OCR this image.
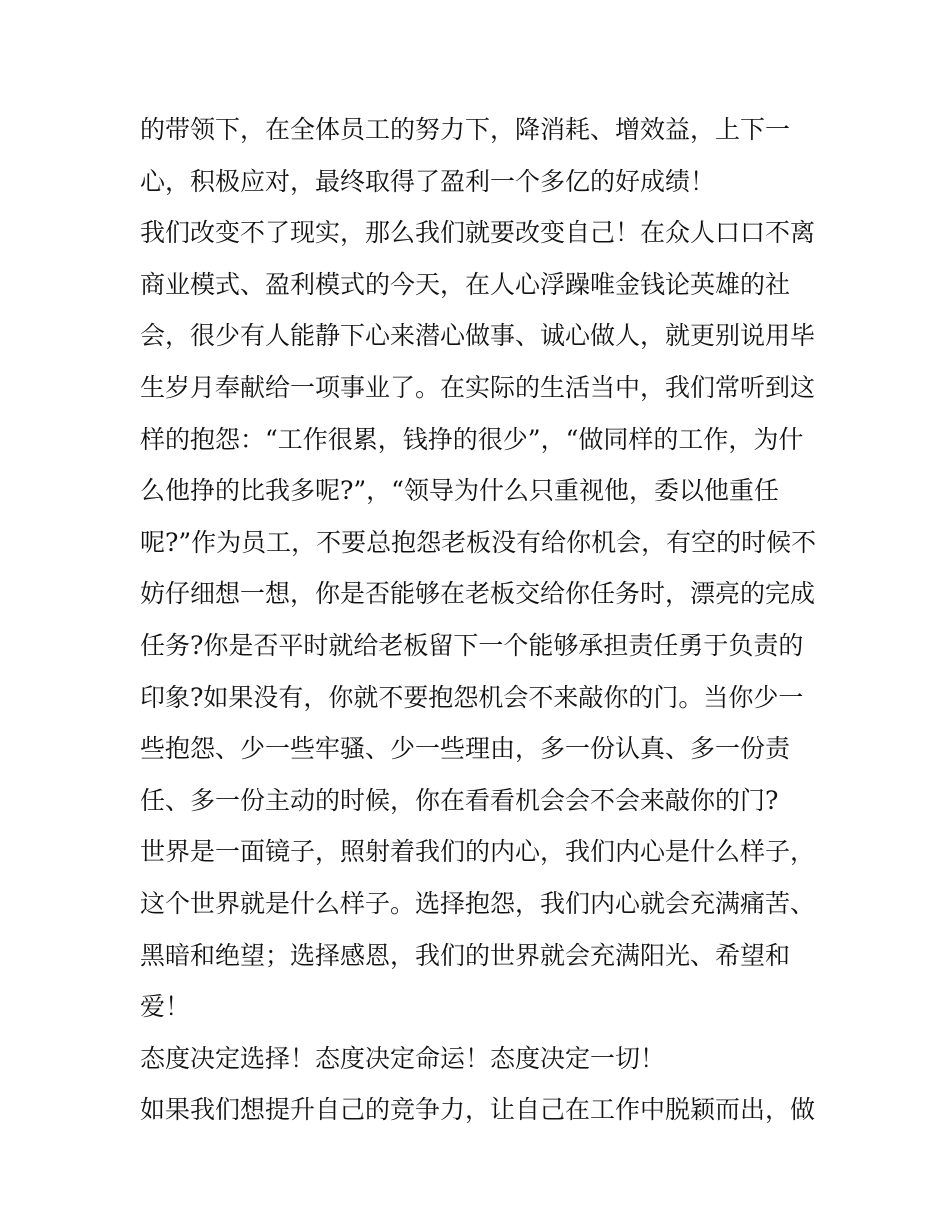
的带领下，在全体员工的努力下，降消耗、增效益，上下一
心，积极应对，最终取得了盈利一个多亿的好成绩！
我们改变不了现实，那么我们就要改变自己！在众人口口不离
商业模式、盈利模式的今天，在人心浮躁唯金钱论英雄的社
会，很少有人能静下心来潜心做事、诚心做人，就更别说用毕
生岁月奉献给一项事业了。在实际的生活当中，我们常听到这
样的抱怨：“工作很累，钱挣的很少”，“做同样的工作，为什
么他挣的比我多呢?”，“领导为什么只重视他，委以他重任
呢?”作为员工，不要总抱怨老板没有给你机会，有空的时候不
妨仔细想一想，你是否能够在老板交给你任务时，漂亮的完成
任务?你是否平时就给老板留下一个能够承担责任勇于负责的
印象?如果没有，你就不要抱怨机会不来敲你的门。当你少一
些抱怨、少一些牢骚、少一些理由，多一份认真、多一份责
任、多一份主动的时候，你在看看机会会不会来敲你的门?
世界是一面镜子，照射着我们的内心，我们内心是什么样子，
这个世界就是什么样子。选择抱怨，我们内心就会充满痛苦、
黑暗和绝望；选择感恩，我们的世界就会充满阳光、希望和
爱！
态度决定选择！态度决定命运！态度决定一切！
如果我们想提升自己的竞争力，让自己在工作中脱颖而出，做
